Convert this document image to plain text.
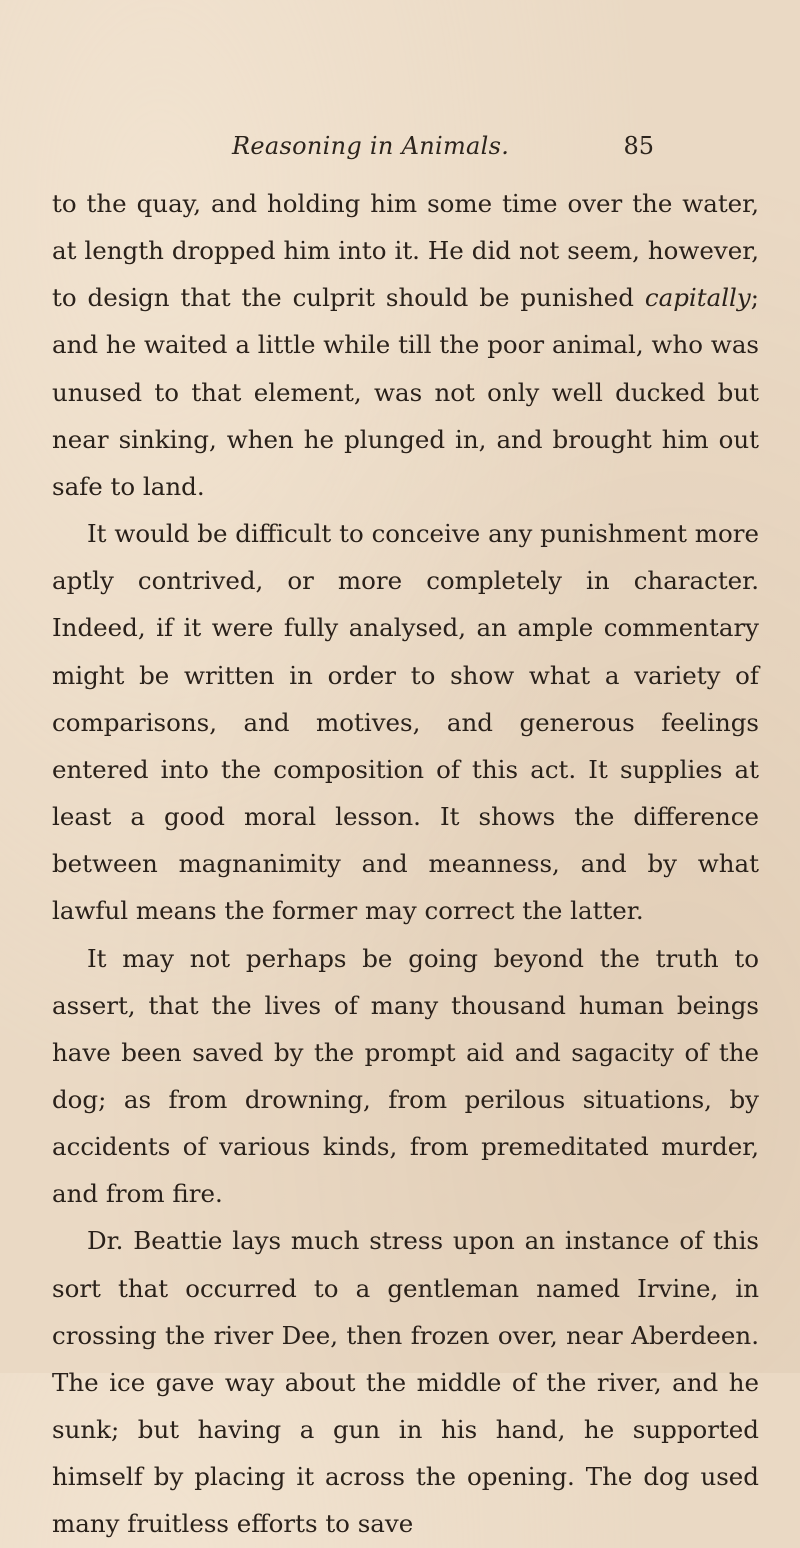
Reasoning in Animals.	85

to the quay, and holding him some time over the water, at length dropped him into it. He did not seem, however, to design that the culprit should be punished capitally; and he waited a little while till the poor animal, who was unused to that element, was not only well ducked but near sinking, when he plunged in, and brought him out safe to land.

It would be difficult to conceive any punishment more aptly contrived, or more completely in character. Indeed, if it were fully analysed, an ample commentary might be written in order to show what a variety of comparisons, and motives, and generous feelings entered into the composition of this act. It supplies at least a good moral lesson. It shows the difference between magnanimity and meanness, and by what lawful means the former may correct the latter.

It may not perhaps be going beyond the truth to assert, that the lives of many thousand human beings have been saved by the prompt aid and sagacity of the dog; as from drowning, from perilous situations, by accidents of various kinds, from premeditated murder, and from fire.

Dr. Beattie lays much stress upon an instance of this sort that occurred to a gentleman named Irvine, in crossing the river Dee, then frozen over, near Aberdeen. The ice gave way about the middle of the river, and he sunk; but having a gun in his hand, he supported himself by placing it across the opening. The dog used many fruitless efforts to save
